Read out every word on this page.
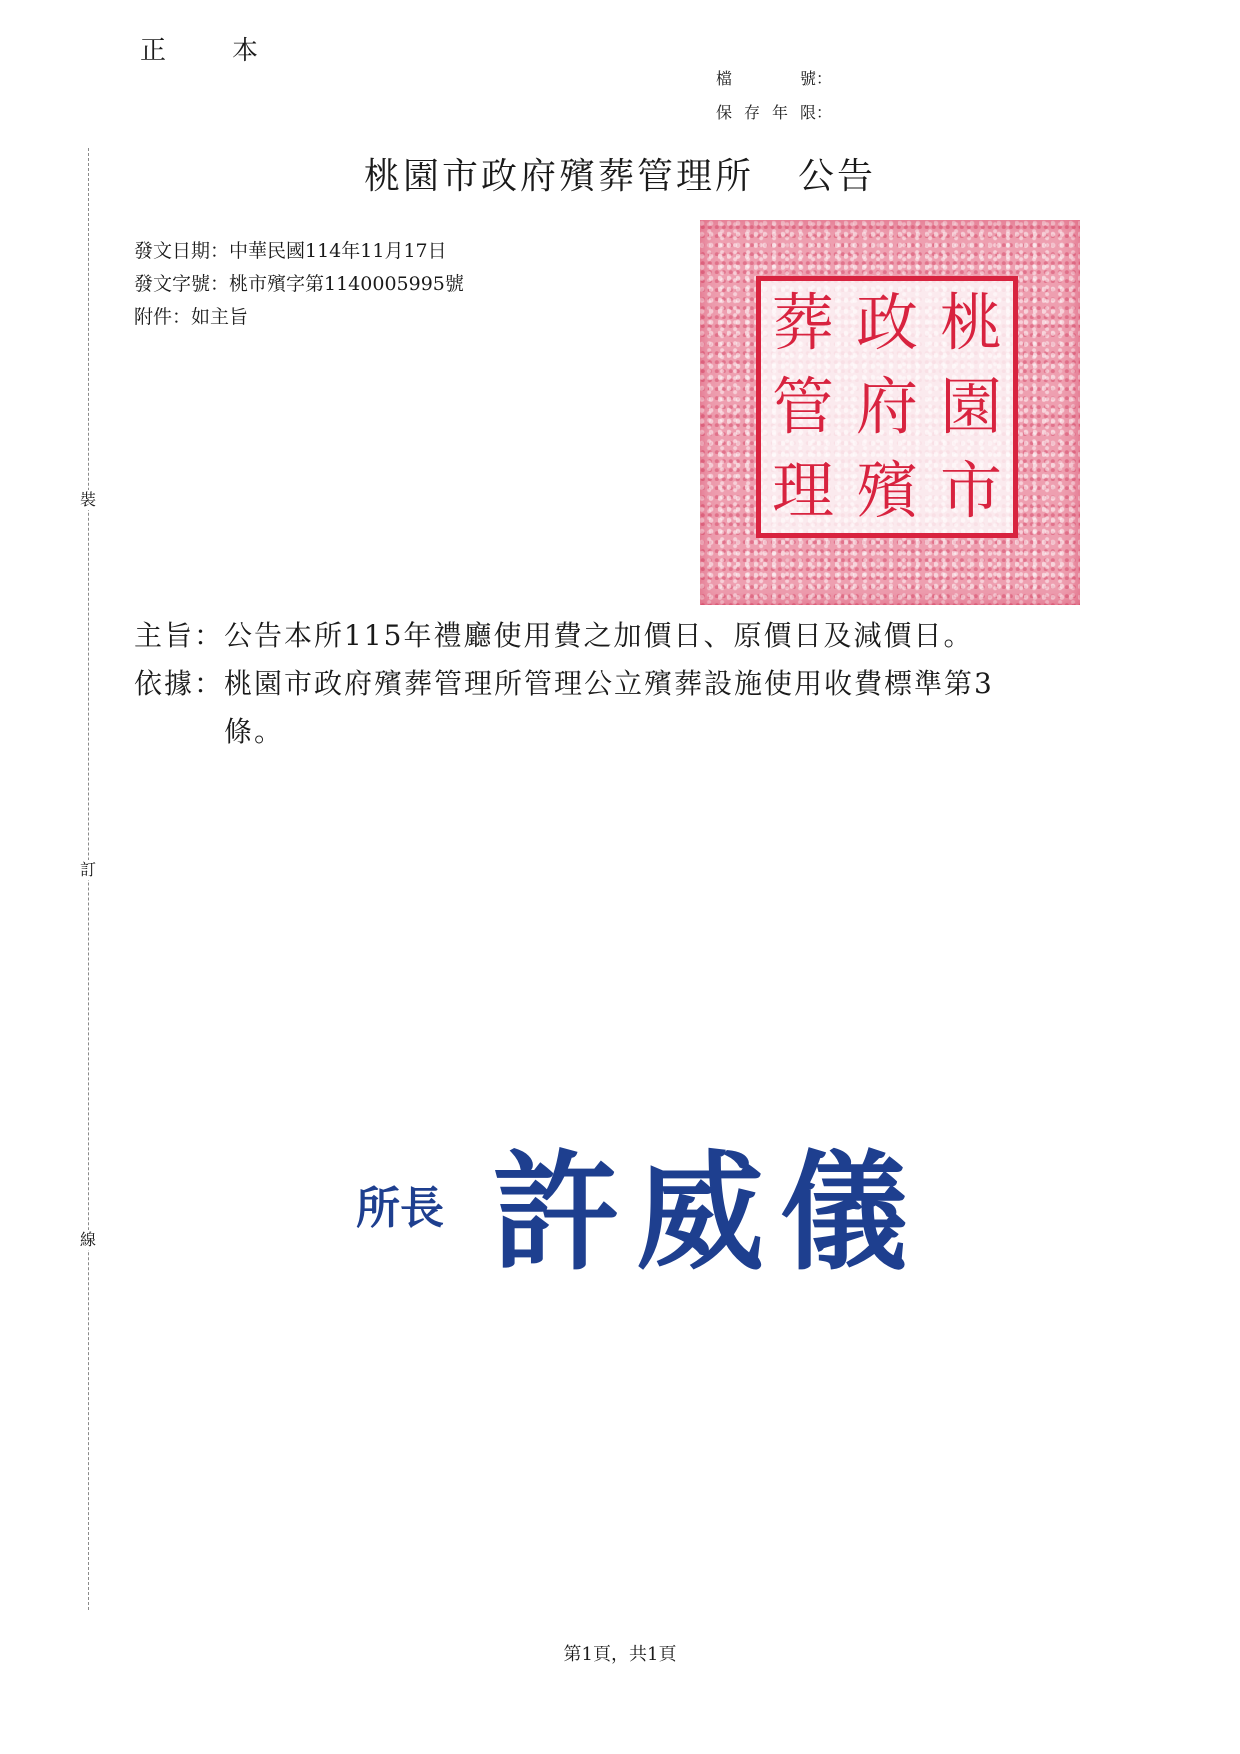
正　本
檔　　號 ：
保存年限 ：
裝
訂
線
桃園市政府殯葬管理所 公告
發文日期：中華民國114年11月17日
發文字號：桃市殯字第1140005995號
附件：如主旨	桃
園
市
政
府
殯
葬
管
理
主旨： 公告本所115年禮廳使用費之加價日、原價日及減價日。
依據： 桃園市政府殯葬管理所管理公立殯葬設施使用收費標準第3條。
所長 許威儀
第1頁，共1頁
